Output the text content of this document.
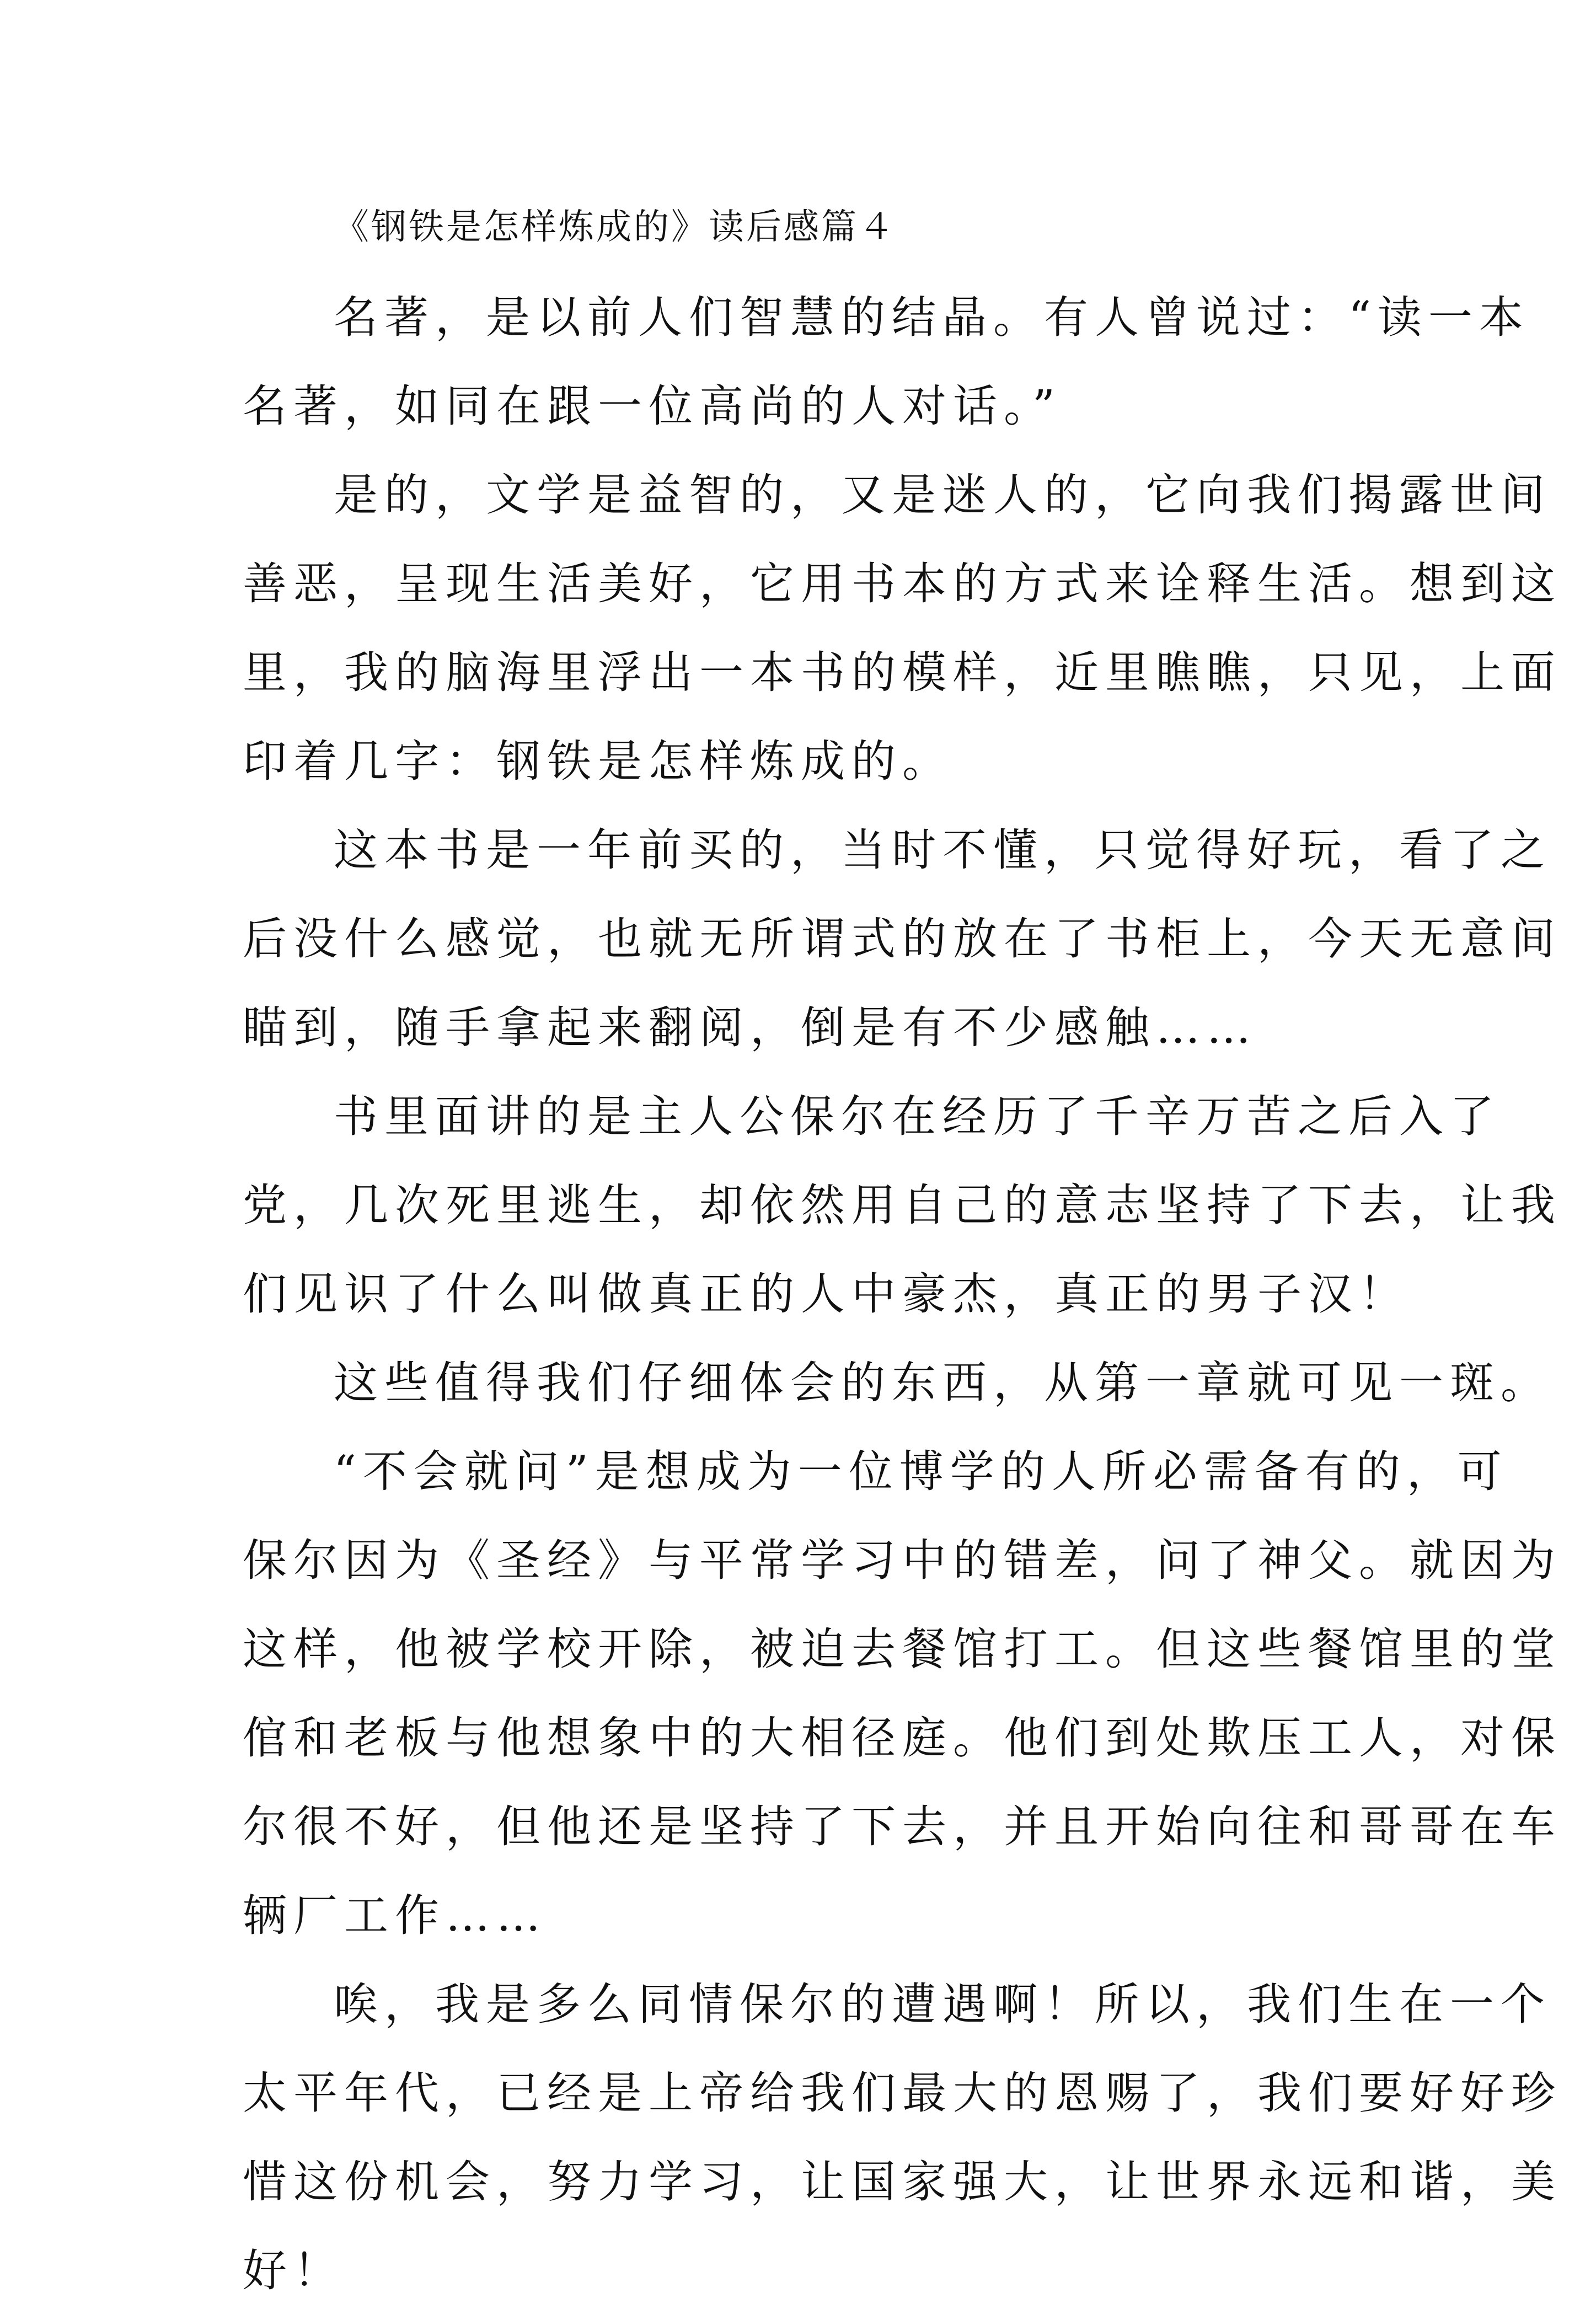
《钢铁是怎样炼成的》读后感篇４
名著，是以前人们智慧的结晶。有人曾说过：“读一本
名著，如同在跟一位高尚的人对话。”
是的，文学是益智的，又是迷人的，它向我们揭露世间
善恶，呈现生活美好，它用书本的方式来诠释生活。想到这
里，我的脑海里浮出一本书的模样，近里瞧瞧，只见，上面
印着几字：钢铁是怎样炼成的。
这本书是一年前买的，当时不懂，只觉得好玩，看了之
后没什么感觉，也就无所谓式的放在了书柜上，今天无意间
瞄到，随手拿起来翻阅，倒是有不少感触……
书里面讲的是主人公保尔在经历了千辛万苦之后入了
党，几次死里逃生，却依然用自己的意志坚持了下去，让我
们见识了什么叫做真正的人中豪杰，真正的男子汉！
这些值得我们仔细体会的东西，从第一章就可见一斑。
“不会就问”是想成为一位博学的人所必需备有的，可
保尔因为《圣经》与平常学习中的错差，问了神父。就因为
这样，他被学校开除，被迫去餐馆打工。但这些餐馆里的堂
倌和老板与他想象中的大相径庭。他们到处欺压工人，对保
尔很不好，但他还是坚持了下去，并且开始向往和哥哥在车
辆厂工作……
唉，我是多么同情保尔的遭遇啊！所以，我们生在一个
太平年代，已经是上帝给我们最大的恩赐了，我们要好好珍
惜这份机会，努力学习，让国家强大，让世界永远和谐，美
好！
